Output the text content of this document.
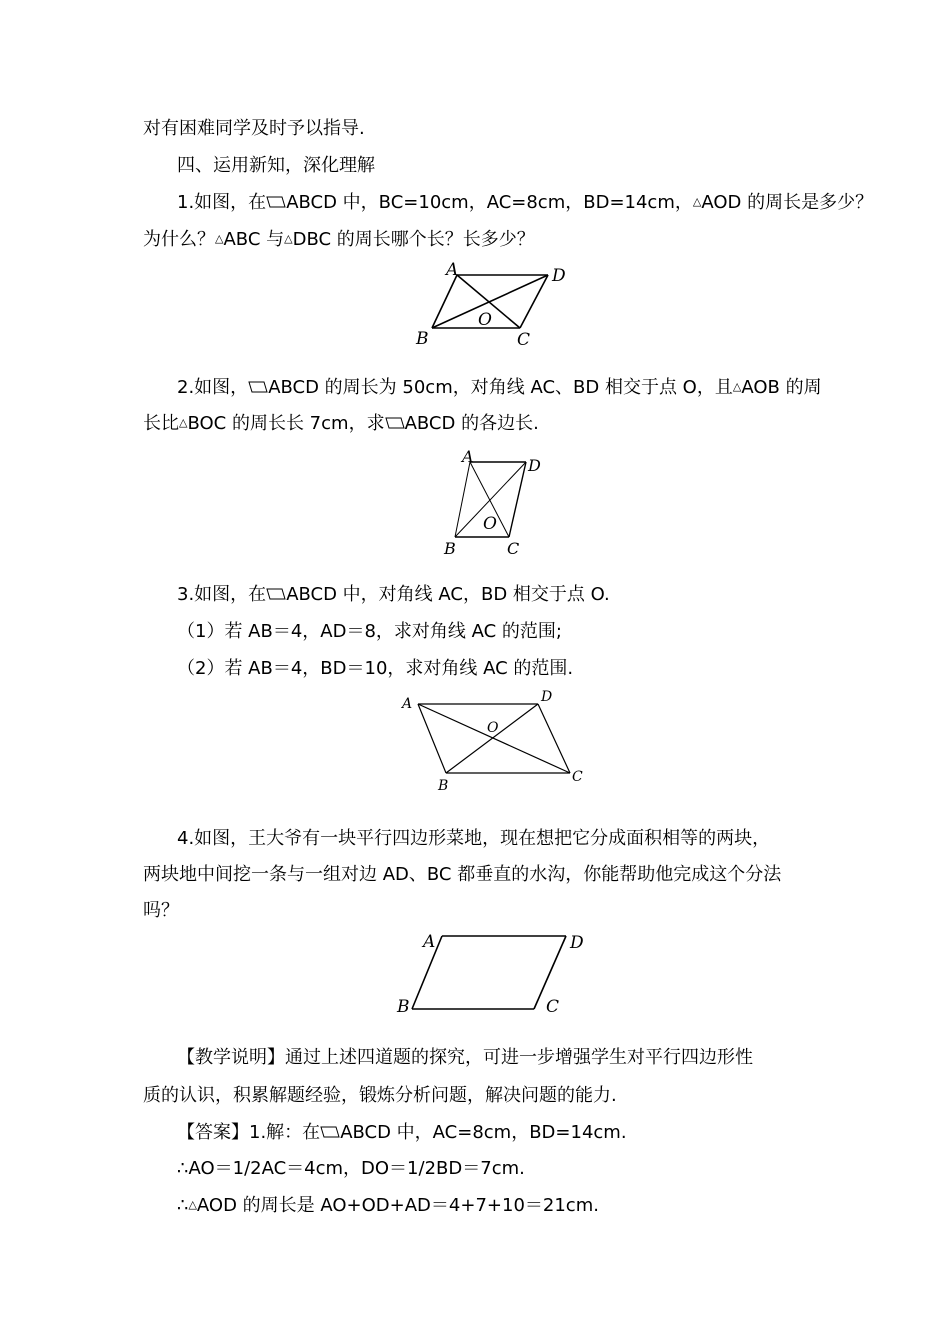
对有困难同学及时予以指导.
四、运用新知，深化理解
1.如图，在 ABCD 中，BC=10cm，AC=8cm，BD=14cm，△AOD 的周长是多少？
为什么？△ABC 与△DBC 的周长哪个长？长多少？
A	D
B	C
O
2.如图， ABCD 的周长为 50cm，对角线 AC、BD 相交于点 O，且△AOB 的周
长比△BOC 的周长长 7cm，求 ABCD 的各边长.
A	D
B	C
O
3.如图，在 ABCD 中，对角线 AC，BD 相交于点 O.
（1）若 AB＝4，AD＝8，求对角线 AC 的范围;
（2）若 AB＝4，BD＝10，求对角线 AC 的范围.
A	D
B
C
O
4.如图，王大爷有一块平行四边形菜地，现在想把它分成面积相等的两块，
两块地中间挖一条与一组对边 AD、BC 都垂直的水沟，你能帮助他完成这个分法
吗？
A	D
B	C
【教学说明】通过上述四道题的探究，可进一步增强学生对平行四边形性
质的认识，积累解题经验，锻炼分析问题，解决问题的能力.
【答案】1.解：在 ABCD 中，AC=8cm，BD=14cm.
∴AO＝1/2AC＝4cm，DO＝1/2BD＝7cm.
∴△AOD 的周长是 AO+OD+AD＝4+7+10＝21cm.
